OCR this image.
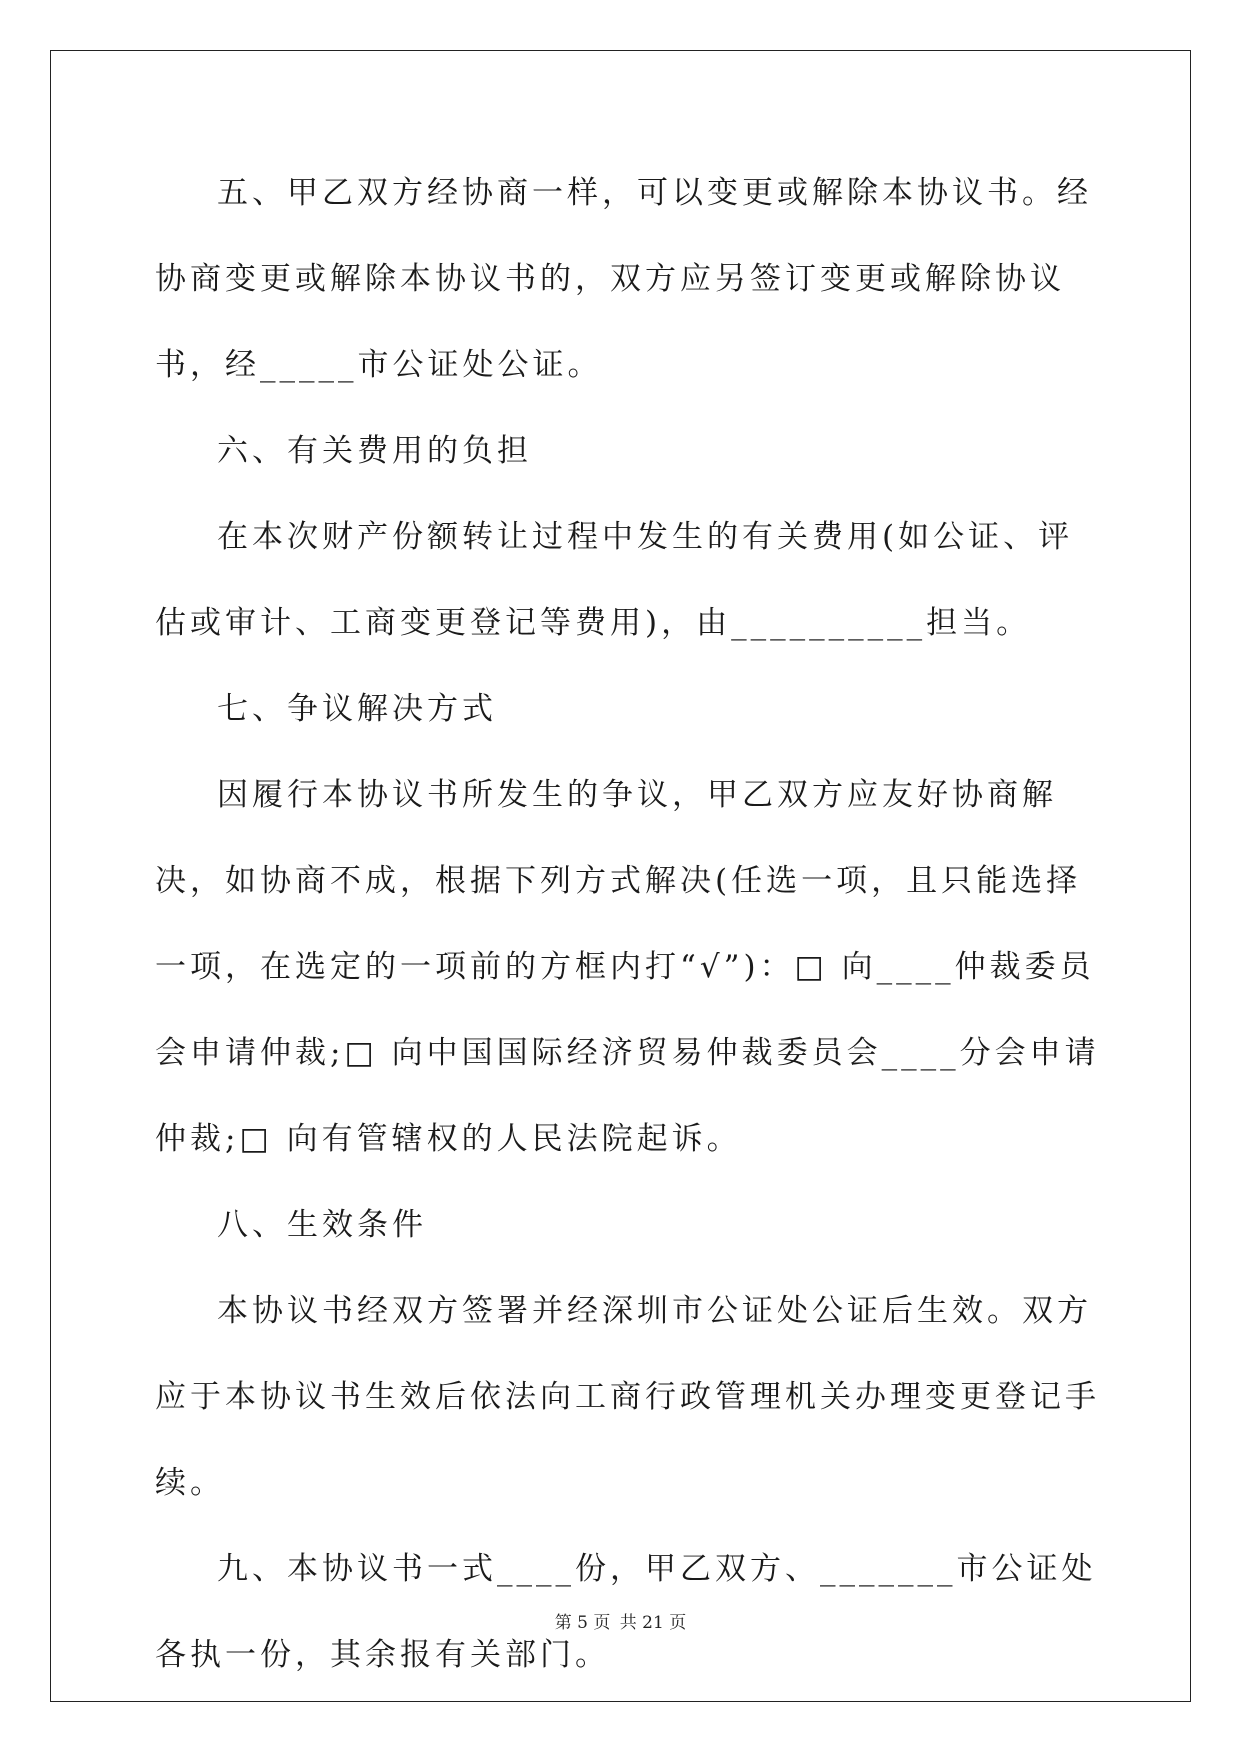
五、甲乙双方经协商一样，可以变更或解除本协议书。经协商变更或解除本协议书的，双方应另签订变更或解除协议书，经_____市公证处公证。

六、有关费用的负担

在本次财产份额转让过程中发生的有关费用(如公证、评估或审计、工商变更登记等费用)，由__________担当。

七、争议解决方式

因履行本协议书所发生的争议，甲乙双方应友好协商解决，如协商不成，根据下列方式解决(任选一项，且只能选择一项，在选定的一项前的方框内打“√”)：□ 向____仲裁委员会申请仲裁;□ 向中国国际经济贸易仲裁委员会____分会申请仲裁;□ 向有管辖权的人民法院起诉。

八、生效条件

本协议书经双方签署并经深圳市公证处公证后生效。双方应于本协议书生效后依法向工商行政管理机关办理变更登记手续。

九、本协议书一式____份，甲乙双方、_______市公证处各执一份，其余报有关部门。

第 5 页 共 21 页
